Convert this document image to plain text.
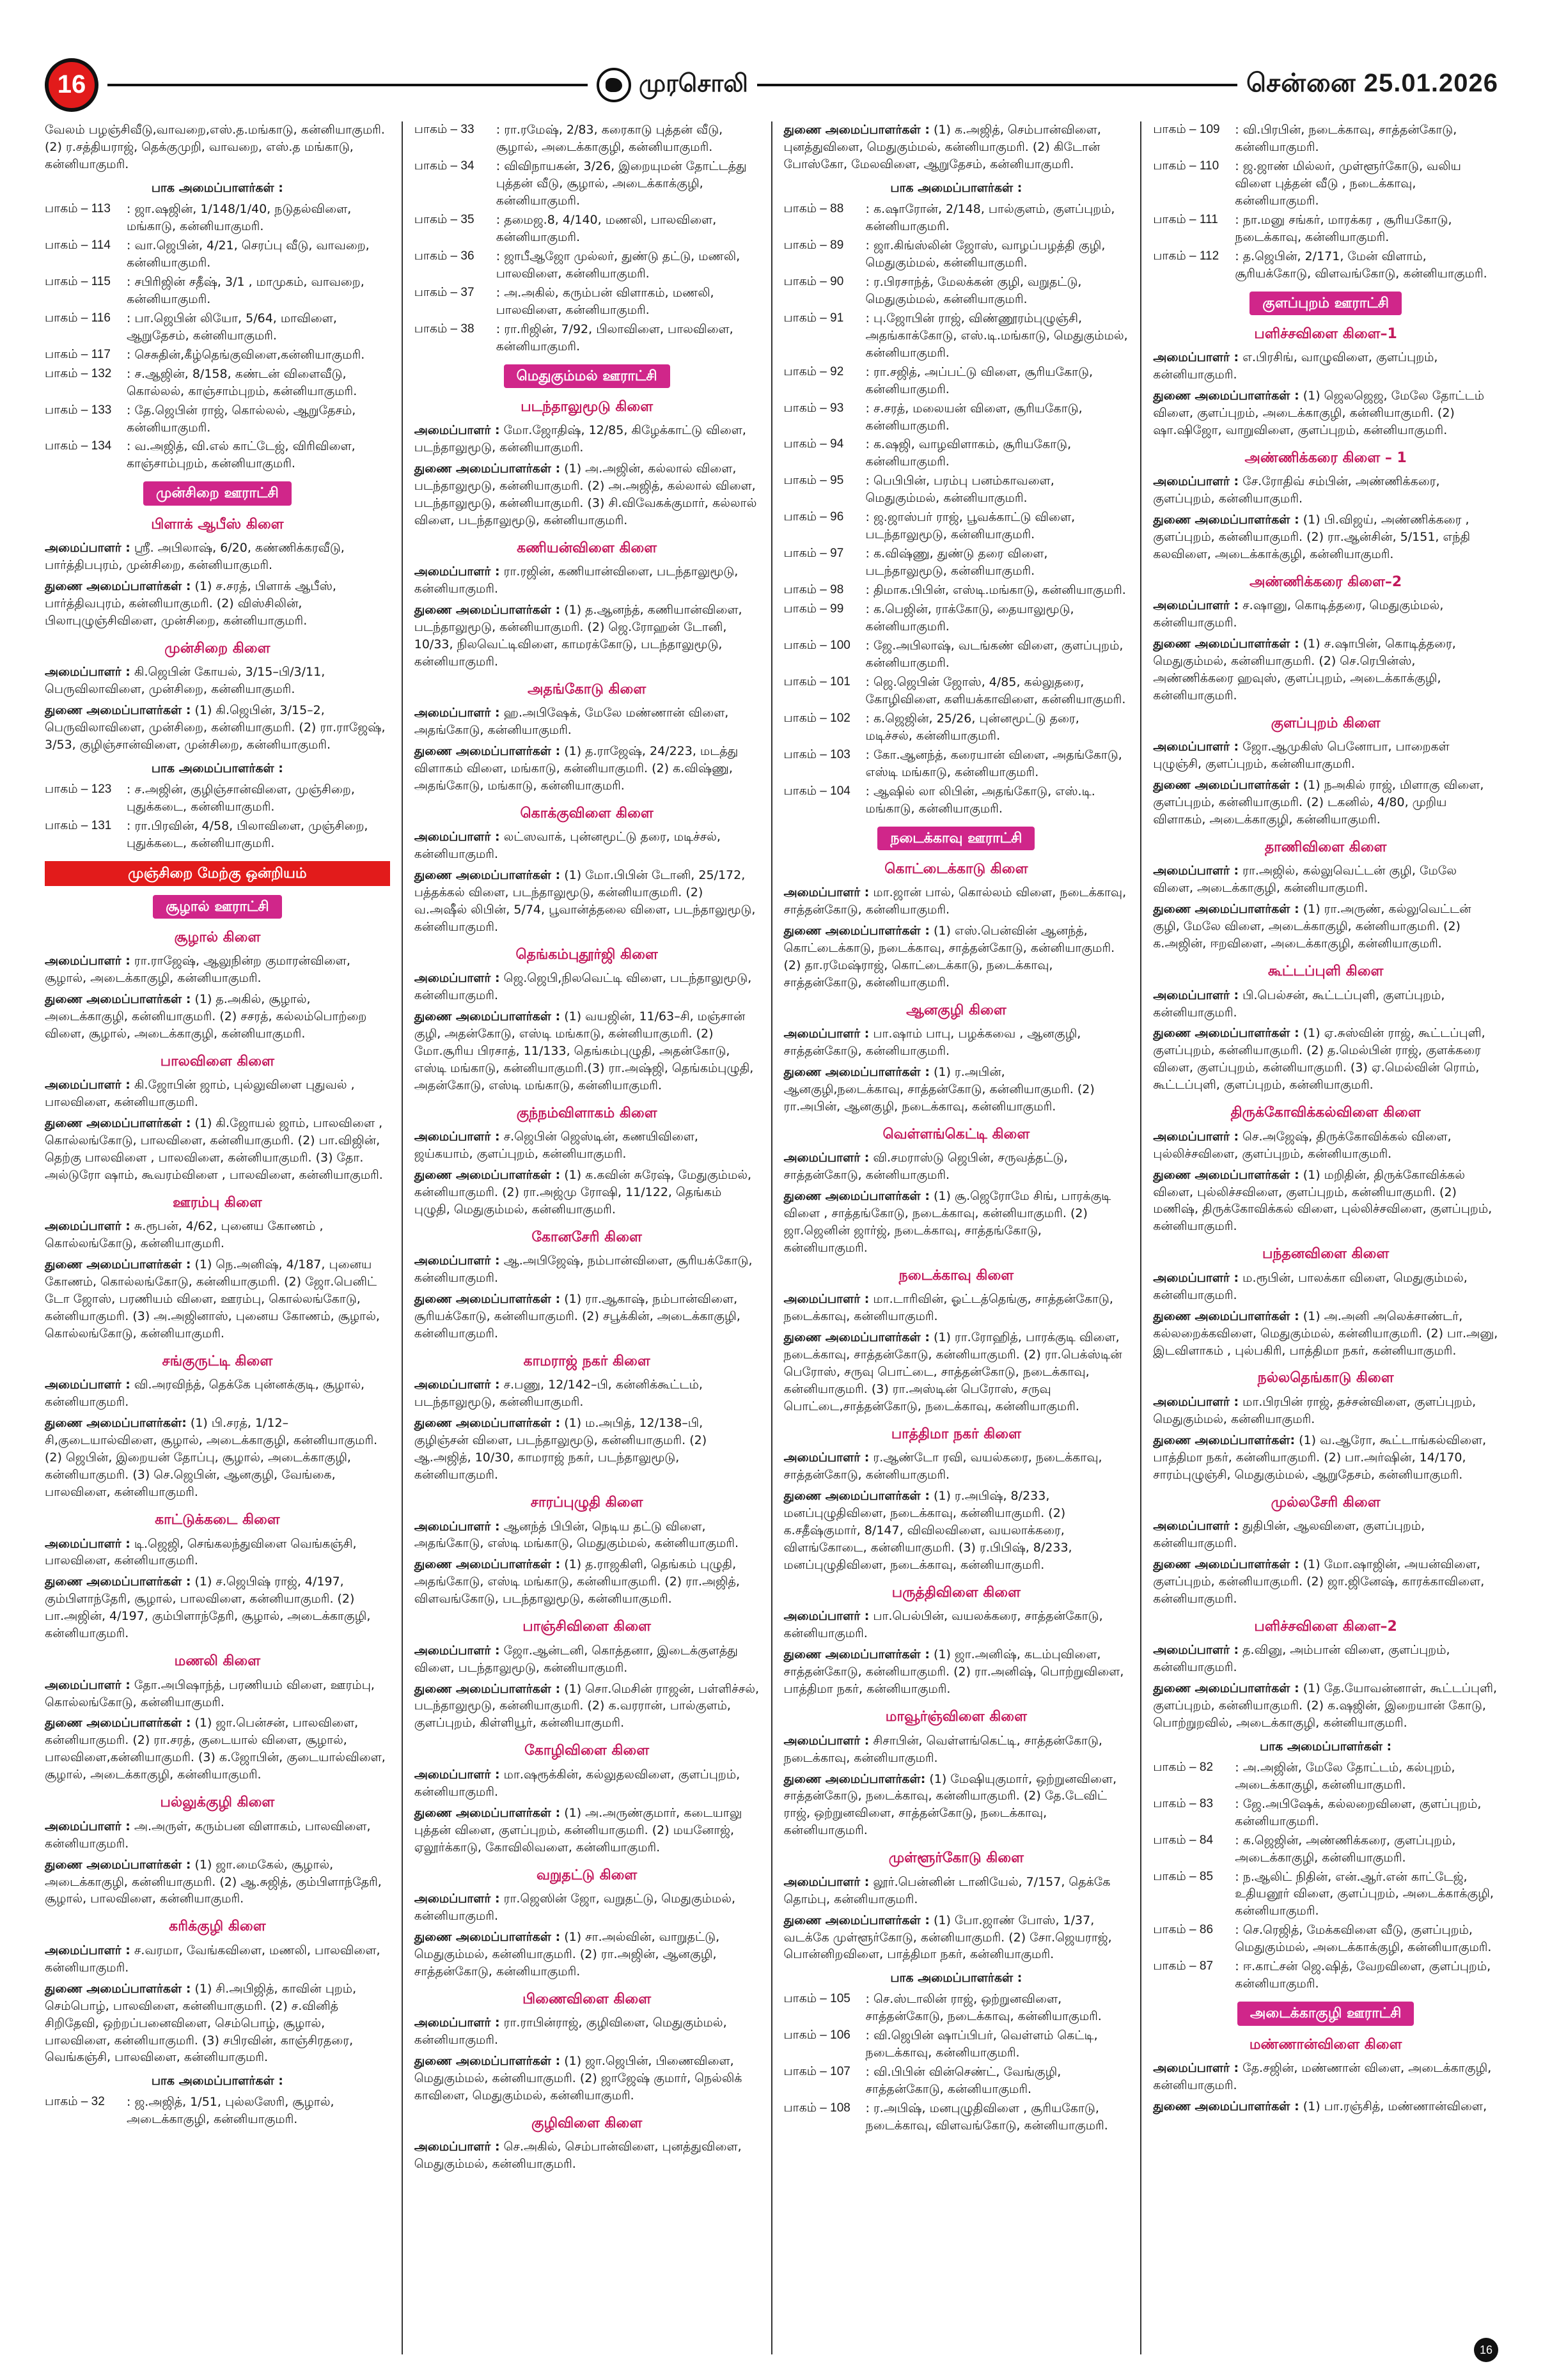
16	முரசொலி	சென்னை 25.01.2026

வேலம் பழஞ்சிவீடு,வாவறை,எஸ்.த.மங்காடு, கன்னியாகுமரி. (2) ர.சத்தியராஜ், தெக்குமுறி, வாவறை, எஸ்.த மங்காடு, கன்னியாகுமரி.

பாக அமைப்பாளர்கள் :
பாகம் – 113	: ஜா.ஷஜின், 1/148/1/40, நடுதல்விளை, மங்காடு, கன்னியாகுமரி.
பாகம் – 114	: வா.ஜெபின், 4/21, செரப்பு வீடு, வாவறை, கன்னியாகுமரி.
பாகம் – 115	: சபிரிஜின் சதீஷ், 3/1 , மாமுகம், வாவறை, கன்னியாகுமரி.
பாகம் – 116	: பா.ஜெபின் லியோ, 5/64, மாவிளை, ஆறுதேசம், கன்னியாகுமரி.
பாகம் – 117	: செசுதின்,கீழ்தெங்குவிளை,கன்னியாகுமரி.
பாகம் – 132	: ச.ஆஜின், 8/158, கண்டன் விளைவீடு, கொல்லல், காஞ்சாம்புறம், கன்னியாகுமரி.
பாகம் – 133	: தே.ஜெபின் ராஜ், கொல்லல், ஆறுதேசம், கன்னியாகுமரி.
பாகம் – 134	: வ.அஜித், வி.எல் காட்டேஜ், விரிவிளை, காஞ்சாம்புறம், கன்னியாகுமரி.
முன்சிறை ஊராட்சி
பிளாக் ஆபீஸ் கிளை

அமைப்பாளர் : ஸ்ரீ. அபிலாஷ், 6/20, கண்ணிக்கரவீடு, பார்த்திபபுரம், முன்சிறை, கன்னியாகுமரி.

துணை அமைப்பாளர்கள் : (1) ச.சரத், பிளாக் ஆபீஸ், பார்த்திவபுரம், கன்னியாகுமரி. (2) விஸ்சிலின், பிலாபுழுஞ்சிவிளை, முன்சிறை, கன்னியாகுமரி.

முன்சிறை கிளை

அமைப்பாளர் : கி.ஜெபின் கோயல், 3/15–பி/3/11, பெருவிலாவிளை, முன்சிறை, கன்னியாகுமரி.

துணை அமைப்பாளர்கள் : (1) கி.ஜெபின், 3/15–2, பெருவிலாவிளை, முன்சிறை, கன்னியாகுமரி. (2) ரா.ராஜேஷ், 3/53, குழிஞ்சான்விளை, முன்சிறை, கன்னியாகுமரி.

பாக அமைப்பாளர்கள் :
பாகம் – 123	: ச.அஜின், குழிஞ்சான்விளை, முஞ்சிறை, புதுக்கடை, கன்னியாகுமரி.
பாகம் – 131	: ரா.பிரவின், 4/58, பிலாவிளை, முஞ்சிறை, புதுக்கடை, கன்னியாகுமரி.
முஞ்சிறை மேற்கு ஒன்றியம்
சூழால் ஊராட்சி
சூழால் கிளை

அமைப்பாளர் : ரா.ராஜேஷ், ஆலுநின்ற குமாரன்விளை, சூழால், அடைக்காகுழி, கன்னியாகுமரி.

துணை அமைப்பாளர்கள் : (1) த.அகில், சூழால், அடைக்காகுழி, கன்னியாகுமரி. (2) சசரத், கல்லம்பொற்றை விளை, சூழால், அடைக்காகுழி, கன்னியாகுமரி.

பாலவிளை கிளை

அமைப்பாளர் : கி.ஜோபின் ஜாம், புல்லுவிளை புதுவல் , பாலவிளை, கன்னியாகுமரி.

துணை அமைப்பாளர்கள் : (1) கி.ஜோயல் ஜாம், பாலவிளை , கொல்லங்கோடு, பாலவிளை, கன்னியாகுமரி. (2) பா.விஜின், தெற்கு பாலவிளை , பாலவிளை, கன்னியாகுமரி. (3) தோ. அல்டுரோ ஷாம், கூவரம்விளை , பாலவிளை, கன்னியாகுமரி.

ஊரம்பு கிளை

அமைப்பாளர் : சு.ரூபன், 4/62, புனைய கோணம் , கொல்லங்கோடு, கன்னியாகுமரி.

துணை அமைப்பாளர்கள் : (1) நெ.அனிஷ், 4/187, புனைய கோணம், கொல்லங்கோடு, கன்னியாகுமரி. (2) ஜோ.பெனிட் டோ ஜோஸ், பரணியம் விளை, ஊரம்பு, கொல்லங்கோடு, கன்னியாகுமரி. (3) அ.அஜினாஸ், புனைய கோணம், சூழால், கொல்லங்கோடு, கன்னியாகுமரி.

சங்குருட்டி கிளை

அமைப்பாளர் : வி.அரவிந்த், தெக்கே புன்னக்குடி, சூழால், கன்னியாகுமரி.

துணை அமைப்பாளர்கள்: (1) பி.சரத், 1/12–சி,குடையால்விளை, சூழால், அடைக்காகுழி, கன்னியாகுமரி. (2) ஜெபின், இறையன் தோப்பு, சூழால், அடைக்காகுழி, கன்னியாகுமரி. (3) செ.ஜெபின், ஆனகுழி, வேங்கை, பாலவிளை, கன்னியாகுமரி.

காட்டுக்கடை கிளை

அமைப்பாளர் : டி.ஜெஜி, செங்கலந்துவிளை வெங்கஞ்சி, பாலவிளை, கன்னியாகுமரி.

துணை அமைப்பாளர்கள் : (1) ச.ஜெபிஷ் ராஜ், 4/197, கும்பிளாந்தேரி, சூழால், பாலவிளை, கன்னியாகுமரி. (2) பா.அஜின், 4/197, கும்பிளாந்தேரி, சூழால், அடைக்காகுழி, கன்னியாகுமரி.

மணலி கிளை

அமைப்பாளர் : தோ.அபிஷாந்த், பரணியம் விளை, ஊரம்பு, கொல்லங்கோடு, கன்னியாகுமரி.

துணை அமைப்பாளர்கள் : (1) ஜா.பென்சன், பாலவிளை, கன்னியாகுமரி. (2) ரா.சரத், குடையால் விளை, சூழால், பாலவிளை,கன்னியாகுமரி. (3) க.ஜோபின், குடையால்விளை, சூழால், அடைக்காகுழி, கன்னியாகுமரி.

பல்லுக்குழி கிளை

அமைப்பாளர் : அ.அருள், கரும்பன விளாகம், பாலவிளை, கன்னியாகுமரி.

துணை அமைப்பாளர்கள் : (1) ஜா.மைகேல், சூழால், அடைக்காகுழி, கன்னியாகுமரி. (2) ஆ.சுஜித், கும்பிளாந்தேரி, சூழால், பாலவிளை, கன்னியாகுமரி.

கரிக்குழி கிளை

அமைப்பாளர் : ச.வரமா, வேங்கவிளை, மணலி, பாலவிளை, கன்னியாகுமரி.

துணை அமைப்பாளர்கள் : (1) சி.அபிஜித், காவின் புறம், செம்பொழ், பாலவிளை, கன்னியாகுமரி. (2) ச.வினித் சிறிதேவி, ஒற்றப்பனைவிளை, செம்பொழ், சூழால், பாலவிளை, கன்னியாகுமரி. (3) சபிரவின், காஞ்சிரதரை, வெங்கஞ்சி, பாலவிளை, கன்னியாகுமரி.

பாக அமைப்பாளர்கள் :
பாகம் – 32	: ஜ.அஜித், 1/51, புல்லஸேரி, சூழால், அடைக்காகுழி, கன்னியாகுமரி.
பாகம் – 33	: ரா.ரமேஷ், 2/83, கரைகாடு புத்தன் வீடு, சூழால், அடைக்காகுழி, கன்னியாகுமரி.
பாகம் – 34	: விவிநாயகன், 3/26, இறையுமன் தோட்டத்து புத்தன் வீடு, சூழால், அடைக்காக்குழி, கன்னியாகுமரி.
பாகம் – 35	: தமைஜ.8, 4/140, மணலி, பாலவிளை, கன்னியாகுமரி.
பாகம் – 36	: ஜாபீஆஜோ முல்லர், துண்டு தட்டு, மணலி, பாலவிளை, கன்னியாகுமரி.
பாகம் – 37	: அ.அகில், கரும்பன் விளாகம், மணலி, பாலவிளை, கன்னியாகுமரி.
பாகம் – 38	: ரா.ரிஜின், 7/92, பிலாவிளை, பாலவிளை, கன்னியாகுமரி.
மெதுகும்மல் ஊராட்சி
படந்தாலுமூடு கிளை

அமைப்பாளர் : மோ.ஜோதிஷ், 12/85, கிழேக்காட்டு விளை, படந்தாலுமூடு, கன்னியாகுமரி.

துணை அமைப்பாளர்கள் : (1) அ.அஜின், கல்லால் விளை, படந்தாலுமூடு, கன்னியாகுமரி. (2) அ.அஜித், கல்லால் விளை, படந்தாலுமூடு, கன்னியாகுமரி. (3) சி.விவேகக்குமார், கல்லால் விளை, படந்தாலுமூடு, கன்னியாகுமரி.

கணியன்விளை கிளை

அமைப்பாளர் : ரா.ரஜின், கணியான்விளை, படந்தாலுமூடு, கன்னியாகுமரி.

துணை அமைப்பாளர்கள் : (1) த.ஆனந்த், கணியான்விளை, படந்தாலுமூடு, கன்னியாகுமரி. (2) ஜெ.ரோஹன் டோனி, 10/33, நிலவெட்டிவிளை, காமரக்கோடு, படந்தாலுமூடு, கன்னியாகுமரி.

அதங்கோடு கிளை

அமைப்பாளர் : ஹ.அபிஷேக், மேலே மண்ணான் விளை, அதங்கோடு, கன்னியாகுமரி.

துணை அமைப்பாளர்கள் : (1) த.ராஜேஷ், 24/223, மடத்து விளாகம் விளை, மங்காடு, கன்னியாகுமரி. (2) க.விஷ்ணு, அதங்கோடு, மங்காடு, கன்னியாகுமரி.

கொக்குவிளை கிளை

அமைப்பாளர் : லட்ஸவாக், புன்னமூட்டு தரை, மடிச்சல், கன்னியாகுமரி.

துணை அமைப்பாளர்கள் : (1) மோ.பிபின் டோனி, 25/172, பத்தக்கல் விளை, படந்தாலுமூடு, கன்னியாகுமரி. (2) வ.அஷீல் லிபின், 5/74, பூவான்த்தலை விளை, படந்தாலுமூடு, கன்னியாகுமரி.

தெங்கம்புதூர்ஜி கிளை

அமைப்பாளர் : ஜெ.ஜெபி,நிலவெட்டி விளை, படந்தாலுமூடு, கன்னியாகுமரி.

துணை அமைப்பாளர்கள் : (1) வயஜின், 11/63–சி, மஞ்சான் குழி, அதன்கோடு, எஸ்டி மங்காடு, கன்னியாகுமரி. (2) மோ.சூரிய பிரசாத், 11/133, தெங்கம்புழுதி, அதன்கோடு, எஸ்டி மங்காடு, கன்னியாகுமரி.(3) ரா.அஷ்ஜி, தெங்கம்புழுதி, அதன்கோடு, எஸ்டி மங்காடு, கன்னியாகுமரி.

குந்நம்விளாகம் கிளை

அமைப்பாளர் : ச.ஜெபின் ஜெஸ்டின், கணயிவிளை, ஜய்கயாம், குளப்புறம், கன்னியாகுமரி.

துணை அமைப்பாளர்கள் : (1) க.கவின் சுரேஷ், மேதுகும்மல், கன்னியாகுமரி. (2) ரா.அஜ்மு ரோஷி, 11/122, தெங்கம் புழுதி, மெதுகும்மல், கன்னியாகுமரி.

கோனசேரி கிளை

அமைப்பாளர் : ஆ.அபிஜேஷ், நம்பான்விளை, சூரியக்கோடு, கன்னியாகுமரி.

துணை அமைப்பாளர்கள் : (1) ரா.ஆகாஷ், நம்பான்விளை, சூரியக்கோடு, கன்னியாகுமரி. (2) சபூக்கின், அடைக்காகுழி, கன்னியாகுமரி.

காமராஜ் நகர் கிளை

அமைப்பாளர் : ச.பணு, 12/142–பி, கன்னிக்கூட்டம், படந்தாலுமூடு, கன்னியாகுமரி.

துணை அமைப்பாளர்கள் : (1) ம.அபித், 12/138–பி, குழிஞ்சன் விளை, படந்தாலுமூடு, கன்னியாகுமரி. (2) ஆ.அஜித், 10/30, காமராஜ் நகர், படந்தாலுமூடு, கன்னியாகுமரி.

சாரப்புழுதி கிளை

அமைப்பாளர் : ஆனந்த் பிபின், நெடிய தட்டு விளை, அதங்கோடு, எஸ்டி மங்காடு, மெதுகும்மல், கன்னியாகுமரி.

துணை அமைப்பாளர்கள் : (1) த.ராஜகிளி, தெங்கம் புழுதி, அதங்கோடு, எஸ்டி மங்காடு, கன்னியாகுமரி. (2) ரா.அஜித், விளவங்கோடு, படந்தாலுமூடு, கன்னியாகுமரி.

பாஞ்சிவிளை கிளை

அமைப்பாளர் : ஜோ.ஆன்டனி, கொத்தனா, இடைக்குளத்து விளை, படந்தாலுமூடு, கன்னியாகுமரி.

துணை அமைப்பாளர்கள் : (1) சொ.மெசின் ராஜன், பள்ளிச்சல், படந்தாலுமூடு, கன்னியாகுமரி. (2) க.வரரான், பால்குளம், குளப்புறம், கிள்ளியூர், கன்னியாகுமரி.

கோழிவிளை கிளை

அமைப்பாளர் : மா.ஷரூக்கின், கல்லுதலவிளை, குளப்புறம், கன்னியாகுமரி.

துணை அமைப்பாளர்கள் : (1) அ.அருண்குமார், கடையாலு புத்தன் விளை, குளப்புறம், கன்னியாகுமரி. (2) மயனோஜ், ஏலூர்க்காடு, கோவிலிவளை, கன்னியாகுமரி.

வறுதட்டு கிளை

அமைப்பாளர் : ரா.ஜெஸின் ஜோ, வறுதட்டு, மெதுகும்மல், கன்னியாகுமரி.

துணை அமைப்பாளர்கள் : (1) சா.அல்வின், வாறுதட்டு, மெதுகும்மல், கன்னியாகுமரி. (2) ரா.அஜின், ஆனகுழி, சாத்தன்கோடு, கன்னியாகுமரி.

பிணைவிளை கிளை

அமைப்பாளர் : ரா.ராபின்ராஜ், குழிவிளை, மெதுகும்மல், கன்னியாகுமரி.

துணை அமைப்பாளர்கள் : (1) ஜா.ஜெபின், பிணைவிளை, மெதுகும்மல், கன்னியாகுமரி. (2) ஜாஜேஷ் குமார், நெல்லிக் காவிளை, மெதுகும்மல், கன்னியாகுமரி.

குழிவிளை கிளை

அமைப்பாளர் : செ.அகில், செம்பான்விளை, புனத்துவிளை, மெதுகும்மல், கன்னியாகுமரி.

துணை அமைப்பாளர்கள் : (1) க.அஜித், செம்பான்விளை, புனத்துவிளை, மெதுகும்மல், கன்னியாகுமரி. (2) கிடோன் போஸ்கோ, மேலவிளை, ஆறுதேசம், கன்னியாகுமரி.

பாக அமைப்பாளர்கள் :
பாகம் – 88	: க.ஷாரோன், 2/148, பால்குளம், குளப்புறம், கன்னியாகுமரி.
பாகம் – 89	: ஜா.கிங்ஸ்லின் ஜோஸ், வாழப்பழத்தி குழி, மெதுகும்மல், கன்னியாகுமரி.
பாகம் – 90	: ர.பிரசாந்த், மேலக்கன் குழி, வறுதட்டு, மெதுகும்மல், கன்னியாகுமரி.
பாகம் – 91	: பு.ஜோபின் ராஜ், விண்ணூரம்புழுஞ்சி, அதங்காக்கோடு, எஸ்.டி.மங்காடு, மெதுகும்மல், கன்னியாகுமரி.
பாகம் – 92	: ரா.சஜித், அப்பட்டு விளை, சூரியகோடு, கன்னியாகுமரி.
பாகம் – 93	: ச.சரத், மலையன் விளை, சூரியகோடு, கன்னியாகுமரி.
பாகம் – 94	: க.ஷஜி, வாழவிளாகம், சூரியகோடு, கன்னியாகுமரி.
பாகம் – 95	: பெபிபின், பரம்பு பனம்காவளை, மெதுகும்மல், கன்னியாகுமரி.
பாகம் – 96	: ஜ.ஜாஸ்பர் ராஜ், பூவக்காட்டு விளை, படந்தாலுமூடு, கன்னியாகுமரி.
பாகம் – 97	: க.விஷ்ணு, துண்டு தரை விளை, படந்தாலுமூடு, கன்னியாகுமரி.
பாகம் – 98	: திமாக.பிபின், எஸ்டி.மங்காடு, கன்னியாகுமரி.
பாகம் – 99	: க.பெஜின், ராக்கோடு, தையாலுமூடு, கன்னியாகுமரி.
பாகம் – 100	: ஜே.அபிலாஷ், வடங்கண் விளை, குளப்புறம், கன்னியாகுமரி.
பாகம் – 101	: ஜெ.ஜெபின் ஜோஸ், 4/85, கல்லுதரை, கோழிவிளை, களியக்காவிளை, கன்னியாகுமரி.
பாகம் – 102	: க.ஜெஜின், 25/26, புன்னமூட்டு தரை, மடிச்சல், கன்னியாகுமரி.
பாகம் – 103	: கோ.ஆனந்த், கரையான் விளை, அதங்கோடு, எஸ்டி மங்காடு, கன்னியாகுமரி.
பாகம் – 104	: ஆஷில் லா லிபின், அதங்கோடு, எஸ்.டி. மங்காடு, கன்னியாகுமரி.
நடைக்காவு ஊராட்சி
கொட்டைக்காடு கிளை

அமைப்பாளர் : மா.ஜான் பால், கொல்லம் விளை, நடைக்காவு, சாத்தன்கோடு, கன்னியாகுமரி.

துணை அமைப்பாளர்கள் : (1) எஸ்.பென்வின் ஆனந்த், கொட்டைக்காடு, நடைக்காவு, சாத்தன்கோடு, கன்னியாகுமரி. (2) தா.ரமேஷ்ராஜ், கொட்டைக்காடு, நடைக்காவு, சாத்தன்கோடு, கன்னியாகுமரி.

ஆனகுழி கிளை

அமைப்பாளர் : பா.ஷாம் பாபு, பழக்கவை , ஆனகுழி, சாத்தன்கோடு, கன்னியாகுமரி.

துணை அமைப்பாளர்கள் : (1) ர.அபின், ஆனகுழி,நடைக்காவு, சாத்தன்கோடு, கன்னியாகுமரி. (2) ரா.அபின், ஆனகுழி, நடைக்காவு, கன்னியாகுமரி.

வெள்ளங்கெட்டி கிளை

அமைப்பாளர் : வி.சமராஸ்டு ஜெபின், சருவத்தட்டு, சாத்தன்கோடு, கன்னியாகுமரி.

துணை அமைப்பாளர்கள் : (1) சூ.ஜெரோமே சிங், பாரக்குடி விளை , சாத்தங்கோடு, நடைக்காவு, கன்னியாகுமரி. (2) ஜா.ஜெனின் ஜார்ஜ், நடைக்காவு, சாத்தங்கோடு, கன்னியாகுமரி.

நடைக்காவு கிளை

அமைப்பாளர் : மா.டாரிவின், ஓட்டத்தெங்கு, சாத்தன்கோடு, நடைக்காவு, கன்னியாகுமரி.

துணை அமைப்பாளர்கள் : (1) ரா.ரோஹித், பாரக்குடி விளை, நடைக்காவு, சாத்தன்கோடு, கன்னியாகுமரி. (2) ரா.பெக்ஸ்டின் பெரோஸ், சருவு பொட்டை, சாத்தன்கோடு, நடைக்காவு, கன்னியாகுமரி. (3) ரா.அஸ்டின் பெரோஸ், சருவு பொட்டை,சாத்தன்கோடு, நடைக்காவு, கன்னியாகுமரி.

பாத்திமா நகர் கிளை

அமைப்பாளர் : ர.ஆண்டோ ரவி, வயல்கரை, நடைக்காவு, சாத்தன்கோடு, கன்னியாகுமரி.

துணை அமைப்பாளர்கள் : (1) ர.அபிஷ், 8/233, மனப்புழுதிவிளை, நடைக்காவு, கன்னியாகுமரி. (2) க.சதீஷ்குமார், 8/147, விவிலவிளை, வயலாக்கரை, விளங்கோடை, கன்னியாகுமரி. (3) ர.பிபிஷ், 8/233, மனப்புழுதிவிளை, நடைக்காவு, கன்னியாகுமரி.

பருத்திவிளை கிளை

அமைப்பாளர் : பா.பெல்பின், வயலக்கரை, சாத்தன்கோடு, கன்னியாகுமரி.

துணை அமைப்பாளர்கள் : (1) ஜா.அனிஷ், கடம்புவிளை, சாத்தன்கோடு, கன்னியாகுமரி. (2) ரா.அனிஷ், பொற்றுவிளை, பாத்திமா நகர், கன்னியாகுமரி.

மாவூர்ஞ்விளை கிளை

அமைப்பாளர் : சிசாபின், வெள்ளங்கெட்டி, சாத்தன்கோடு, நடைக்காவு, கன்னியாகுமரி.

துணை அமைப்பாளர்கள்: (1) மேஷியுகுமார், ஒற்றுனவிளை, சாத்தன்கோடு, நடைக்காவு, கன்னியாகுமரி. (2) தே.டேவிட் ராஜ், ஒற்றுனவிளை, சாத்தன்கோடு, நடைக்காவு, கன்னியாகுமரி.

முள்ளூர்கோடு கிளை

அமைப்பாளர் : லூர்.பென்னின் டானியேல், 7/157, தெக்கே தொம்பு, கன்னியாகுமரி.

துணை அமைப்பாளர்கள் : (1) போ.ஜாண் போஸ், 1/37, வடக்கே முள்ளூர்கோடு, கன்னியாகுமரி. (2) சோ.ஜெயராஜ், பொன்னிறவிளை, பாத்திமா நகர், கன்னியாகுமரி.

பாக அமைப்பாளர்கள் :
பாகம் – 105	: செ.ஸ்டாலின் ராஜ், ஒற்றுனவிளை, சாத்தன்கோடு, நடைக்காவு, கன்னியாகுமரி.
பாகம் – 106	: வி.ஜெபின் ஷாப்பிபர், வெள்ளம் கெட்டி, நடைக்காவு, கன்னியாகுமரி.
பாகம் – 107	: வி.பிபின் வின்செண்ட், வேங்குழி, சாத்தன்கோடு, கன்னியாகுமரி.
பாகம் – 108	: ர.அபிஷ், மனபுழுதிவிளை , சூரியகோடு, நடைக்காவு, விளவங்கோடு, கன்னியாகுமரி.
பாகம் – 109	: வி.பிரபின், நடைக்காவு, சாத்தன்கோடு, கன்னியாகுமரி.
பாகம் – 110	: ஜ.ஜாண் மில்லர், முள்ளூர்கோடு, வலிய விளை புத்தன் வீடு , நடைக்காவு, கன்னியாகுமரி.
பாகம் – 111	: நா.மனு சங்கர், மாரக்கர , சூரியகோடு, நடைக்காவு, கன்னியாகுமரி.
பாகம் – 112	: த.ஜெபின், 2/171, மேன் விளாம், சூரியக்கோடு, விளவங்கோடு, கன்னியாகுமரி.
குளப்புறம் ஊராட்சி
பளிச்சவிளை கிளை–1

அமைப்பாளர் : எ.பிரசிங், வாழுவிளை, குளப்புறம், கன்னியாகுமரி.

துணை அமைப்பாளர்கள் : (1) ஜெலஜெஜ, மேலே தோட்டம் விளை, குளப்புறம், அடைக்காகுழி, கன்னியாகுமரி. (2) ஷா.ஷிஜோ, வாறுவிளை, குளப்புறம், கன்னியாகுமரி.

அண்ணிக்கரை கிளை – 1

அமைப்பாளர் : சே.ரோதிவ் சம்பின், அண்ணிக்கரை, குளப்புறம், கன்னியாகுமரி.

துணை அமைப்பாளர்கள் : (1) பி.விஜய், அண்ணிக்கரை , குளப்புறம், கன்னியாகுமரி. (2) ரா.ஆன்சின், 5/151, எந்தி கலவிளை, அடைக்காக்குழி, கன்னியாகுமரி.

அண்ணிக்கரை கிளை–2

அமைப்பாளர் : ச.ஷானு, கொடித்தரை, மெதுகும்மல், கன்னியாகுமரி.

துணை அமைப்பாளர்கள் : (1) ச.ஷாபின், கொடித்தரை, மெதுகும்மல், கன்னியாகுமரி. (2) செ.ரெபின்ஸ், அண்ணிக்கரை ஹவுஸ், குளப்புறம், அடைக்காக்குழி, கன்னியாகுமரி.

குளப்புறம் கிளை

அமைப்பாளர் : ஜோ.ஆமுகிஸ் பெனோபா, பாறைகள் புழுஞ்சி, குளப்புறம், கன்னியாகுமரி.

துணை அமைப்பாளர்கள் : (1) நஅகில் ராஜ், மிளாகு விளை, குளப்புறம், கன்னியாகுமரி. (2) டகனில், 4/80, முறிய விளாகம், அடைக்காகுழி, கன்னியாகுமரி.

தாணிவிளை கிளை

அமைப்பாளர் : ரா.அஜில், கல்லுவெட்டன் குழி, மேலே விளை, அடைக்காகுழி, கன்னியாகுமரி.

துணை அமைப்பாளர்கள் : (1) ரா.அருண், கல்லுவெட்டன் குழி, மேலே விளை, அடைக்காகுழி, கன்னியாகுமரி. (2) க.அஜின், ஈறவிளை, அடைக்காகுழி, கன்னியாகுமரி.

கூட்டப்புளி கிளை

அமைப்பாளர் : பி.பெல்சன், கூட்டப்புளி, குளப்புறம், கன்னியாகுமரி.

துணை அமைப்பாளர்கள் : (1) ஏ.சுஸ்வின் ராஜ், கூட்டப்புளி, குளப்புறம், கன்னியாகுமரி. (2) த.மெல்பின் ராஜ், குளக்கரை விளை, குளப்புறம், கன்னியாகுமரி. (3) ஏ.மெல்வின் ரொம், கூட்டப்புளி, குளப்புறம், கன்னியாகுமரி.

திருக்கோவிக்கல்விளை கிளை

அமைப்பாளர் : செ.அஜேஷ், திருக்கோவிக்கல் விளை, புல்லிச்சவிளை, குளப்புறம், கன்னியாகுமரி.

துணை அமைப்பாளர்கள் : (1) மறிதின், திருக்கோவிக்கல் விளை, புல்லிச்சவிளை, குளப்புறம், கன்னியாகுமரி. (2) மணிஷ், திருக்கோவிக்கல் விளை, புல்லிச்சவிளை, குளப்புறம், கன்னியாகுமரி.

பந்தனவிளை கிளை

அமைப்பாளர் : ம.ரூபின், பாலக்கா விளை, மெதுகும்மல், கன்னியாகுமரி.

துணை அமைப்பாளர்கள் : (1) அ.அனி அலெக்சாண்டர், கல்லறைக்கவிளை, மெதுகும்மல், கன்னியாகுமரி. (2) பா.அனு, இடவிளாகம் , புல்பகிரி, பாத்திமா நகர், கன்னியாகுமரி.

நல்லதெங்காடு கிளை

அமைப்பாளர் : மா.பிரபின் ராஜ், தச்சன்விளை, குளப்புறம், மெதுகும்மல், கன்னியாகுமரி.

துணை அமைப்பாளர்கள்: (1) வ.ஆரோ, கூட்டாங்கல்விளை, பாத்திமா நகர், கன்னியாகுமரி. (2) பா.அர்ஷின், 14/170, சாரம்புழுஞ்சி, மெதுகும்மல், ஆறுதேசம், கன்னியாகுமரி.

முல்லசேரி கிளை

அமைப்பாளர் : துதிபின், ஆலவிளை, குளப்புறம், கன்னியாகுமரி.

துணை அமைப்பாளர்கள் : (1) மோ.ஷாஜின், அயன்விளை, குளப்புறம், கன்னியாகுமரி. (2) ஜா.ஜினேஷ், காரக்காவிளை, கன்னியாகுமரி.

பளிச்சவிளை கிளை–2

அமைப்பாளர் : த.வினு, அம்பான் விளை, குளப்புறம், கன்னியாகுமரி.

துணை அமைப்பாளர்கள் : (1) தே.யோவன்னாள், கூட்டப்புளி, குளப்புறம், கன்னியாகுமரி. (2) க.ஷஜின், இறையான் கோடு, பொற்றுறவில், அடைக்காகுழி, கன்னியாகுமரி.

பாக அமைப்பாளர்கள் :
பாகம் – 82	: அ.அஜின், மேலே தோட்டம், கல்புறம், அடைக்காகுழி, கன்னியாகுமரி.
பாகம் – 83	: ஜே.அபிஷேக், கல்லறைவிளை, குளப்புறம், கன்னியாகுமரி.
பாகம் – 84	: க.ஜெஜின், அண்ணிக்கரை, குளப்புறம், அடைக்காகுழி, கன்னியாகுமரி.
பாகம் – 85	: ந.ஆலிட் நிதின், என்.ஆர்.என் காட்டேஜ், உதியனூர் விளை, குளப்புறம், அடைக்காக்குழி, கன்னியாகுமரி.
பாகம் – 86	: செ.ரெஜித், மேக்கவிளை வீடு, குளப்புறம், மெதுகும்மல், அடைக்காக்குழி, கன்னியாகுமரி.
பாகம் – 87	: ஈ.காட்சன் ஜெ.ஷித், வேறவிளை, குளப்புறம், கன்னியாகுமரி.
அடைக்காகுழி ஊராட்சி
மண்ணான்விளை கிளை

அமைப்பாளர் : தே.சஜின், மண்ணான் விளை, அடைக்காகுழி, கன்னியாகுமரி.

துணை அமைப்பாளர்கள் : (1) பா.ரஞ்சித், மண்ணான்விளை,

16
